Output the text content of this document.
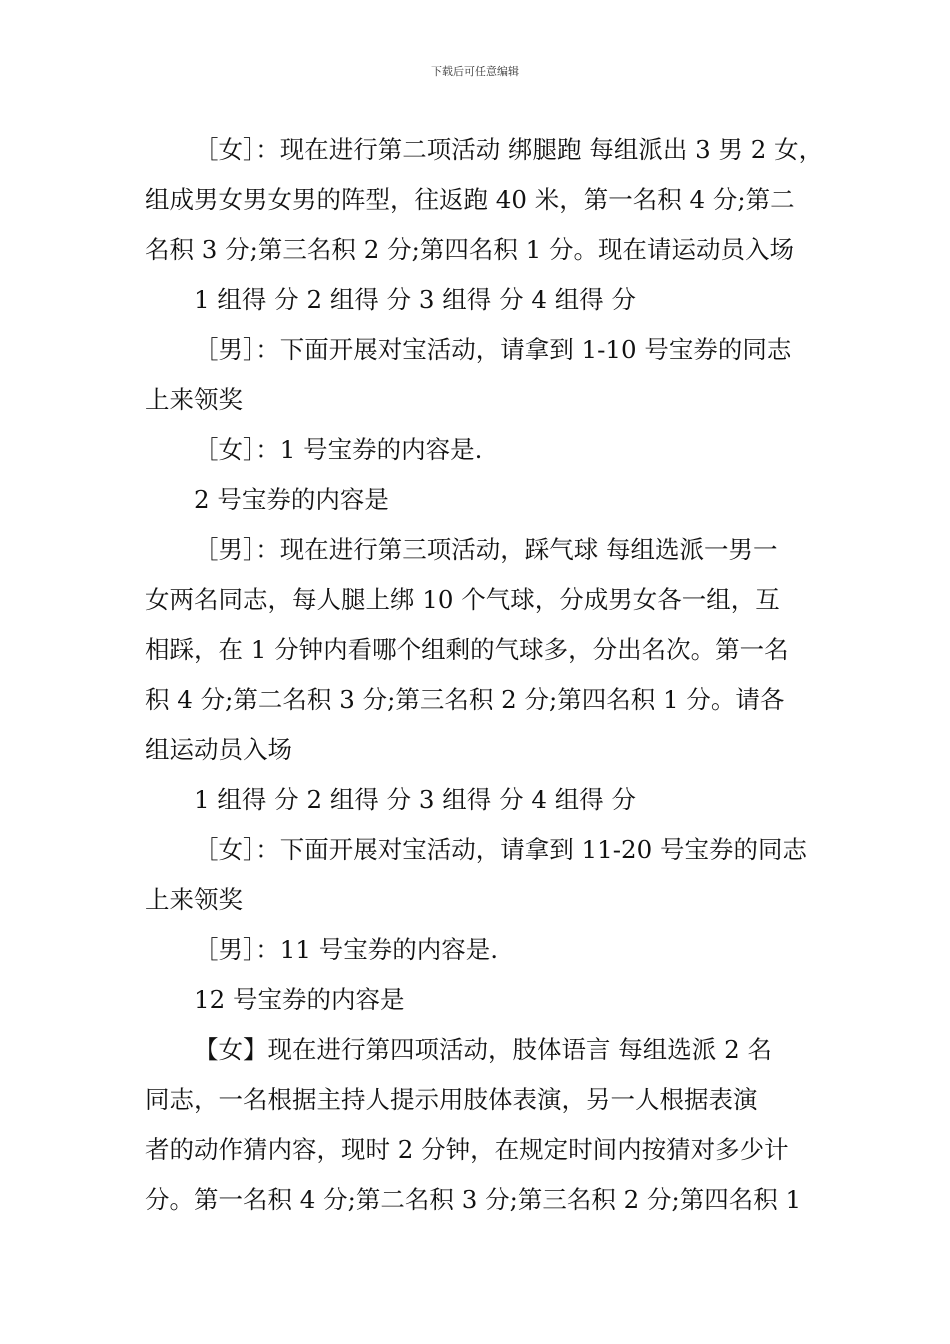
下载后可任意编辑
［女］：现在进行第二项活动 绑腿跑 每组派出 3 男 2 女，
组成男女男女男的阵型，往返跑 40 米，第一名积 4 分;第二
名积 3 分;第三名积 2 分;第四名积 1 分。现在请运动员入场
1 组得 分 2 组得 分 3 组得 分 4 组得 分
［男］：下面开展对宝活动，请拿到 1-10 号宝券的同志
上来领奖
［女］：1 号宝券的内容是.
2 号宝券的内容是
［男］：现在进行第三项活动，踩气球 每组选派一男一
女两名同志，每人腿上绑 10 个气球，分成男女各一组，互
相踩，在 1 分钟内看哪个组剩的气球多，分出名次。第一名
积 4 分;第二名积 3 分;第三名积 2 分;第四名积 1 分。请各
组运动员入场
1 组得 分 2 组得 分 3 组得 分 4 组得 分
［女］：下面开展对宝活动，请拿到 11-20 号宝券的同志
上来领奖
［男］：11 号宝券的内容是.
12 号宝券的内容是
【女】现在进行第四项活动，肢体语言 每组选派 2 名
同志，一名根据主持人提示用肢体表演，另一人根据表演
者的动作猜内容，现时 2 分钟，在规定时间内按猜对多少计
分。第一名积 4 分;第二名积 3 分;第三名积 2 分;第四名积 1
